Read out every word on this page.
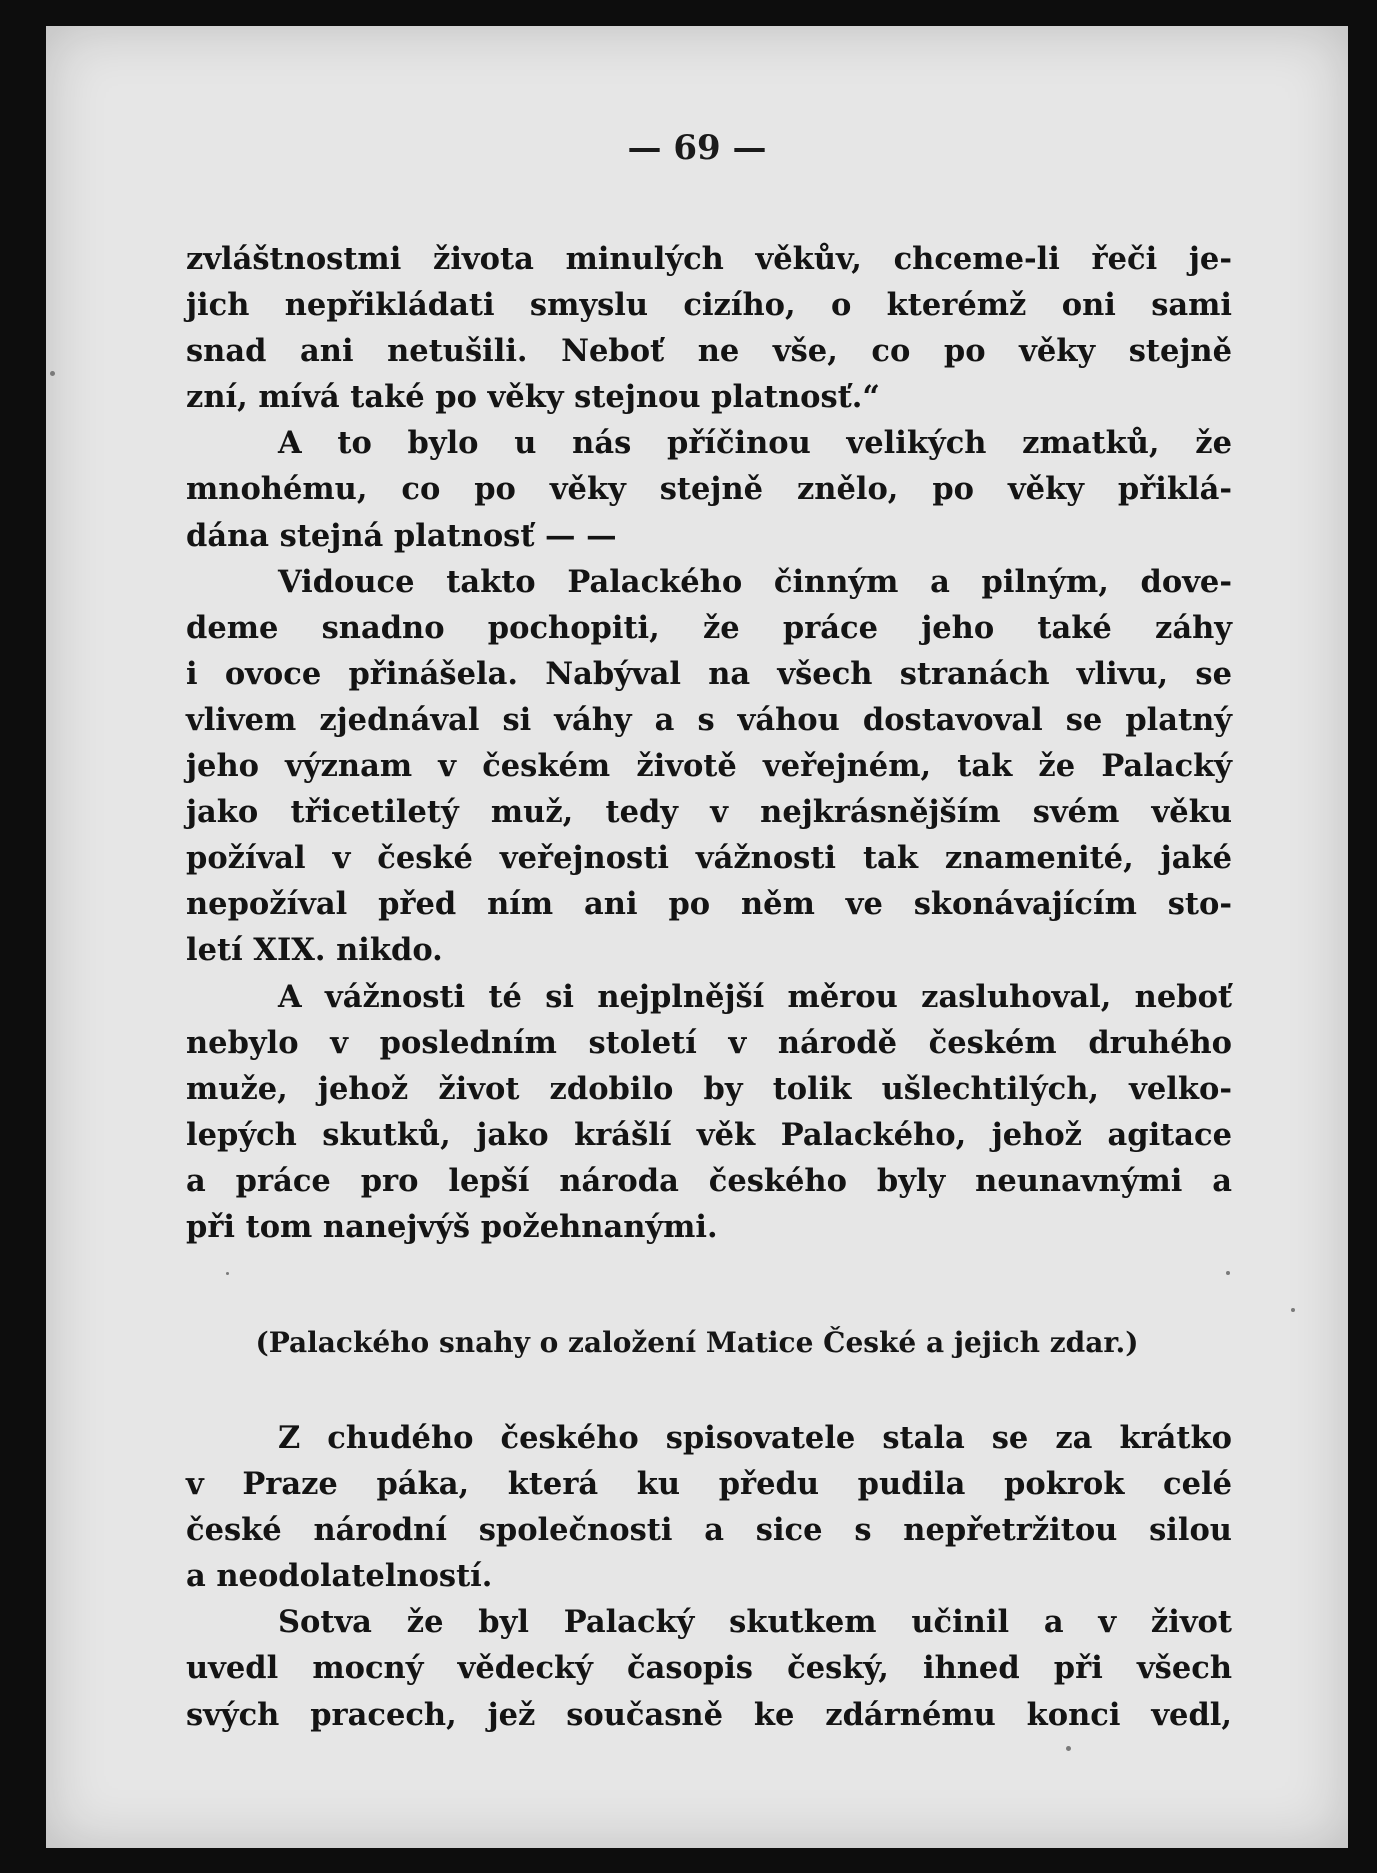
— 69 —

zvláštnostmi života minulých věkův, chceme-li řeči je-
jich nepřikládati smyslu cizího, o kterémž oni sami
snad ani netušili. Neboť ne vše, co po věky stejně
zní, mívá také po věky stejnou platnosť.“
A to bylo u nás příčinou velikých zmatků, že
mnohému, co po věky stejně znělo, po věky přiklá-
dána stejná platnosť — —
Vidouce takto Palackého činným a pilným, dove-
deme snadno pochopiti, že práce jeho také záhy
i ovoce přinášela. Nabýval na všech stranách vlivu, se
vlivem zjednával si váhy a s váhou dostavoval se platný
jeho význam v českém životě veřejném, tak že Palacký
jako třicetiletý muž, tedy v nejkrásnějším svém věku
požíval v české veřejnosti vážnosti tak znamenité, jaké
nepožíval před ním ani po něm ve skonávajícím sto-
letí XIX. nikdo.
A vážnosti té si nejplnější měrou zasluhoval, neboť
nebylo v posledním století v národě českém druhého
muže, jehož život zdobilo by tolik ušlechtilých, velko-
lepých skutků, jako krášlí věk Palackého, jehož agitace
a práce pro lepší národa českého byly neunavnými a
při tom nanejvýš požehnanými.

(Palackého snahy o založení Matice České a jejich zdar.)

Z chudého českého spisovatele stala se za krátko
v Praze páka, která ku předu pudila pokrok celé
české národní společnosti a sice s nepřetržitou silou
a neodolatelností.
Sotva že byl Palacký skutkem učinil a v život
uvedl mocný vědecký časopis český, ihned při všech
svých pracech, jež současně ke zdárnému konci vedl,
